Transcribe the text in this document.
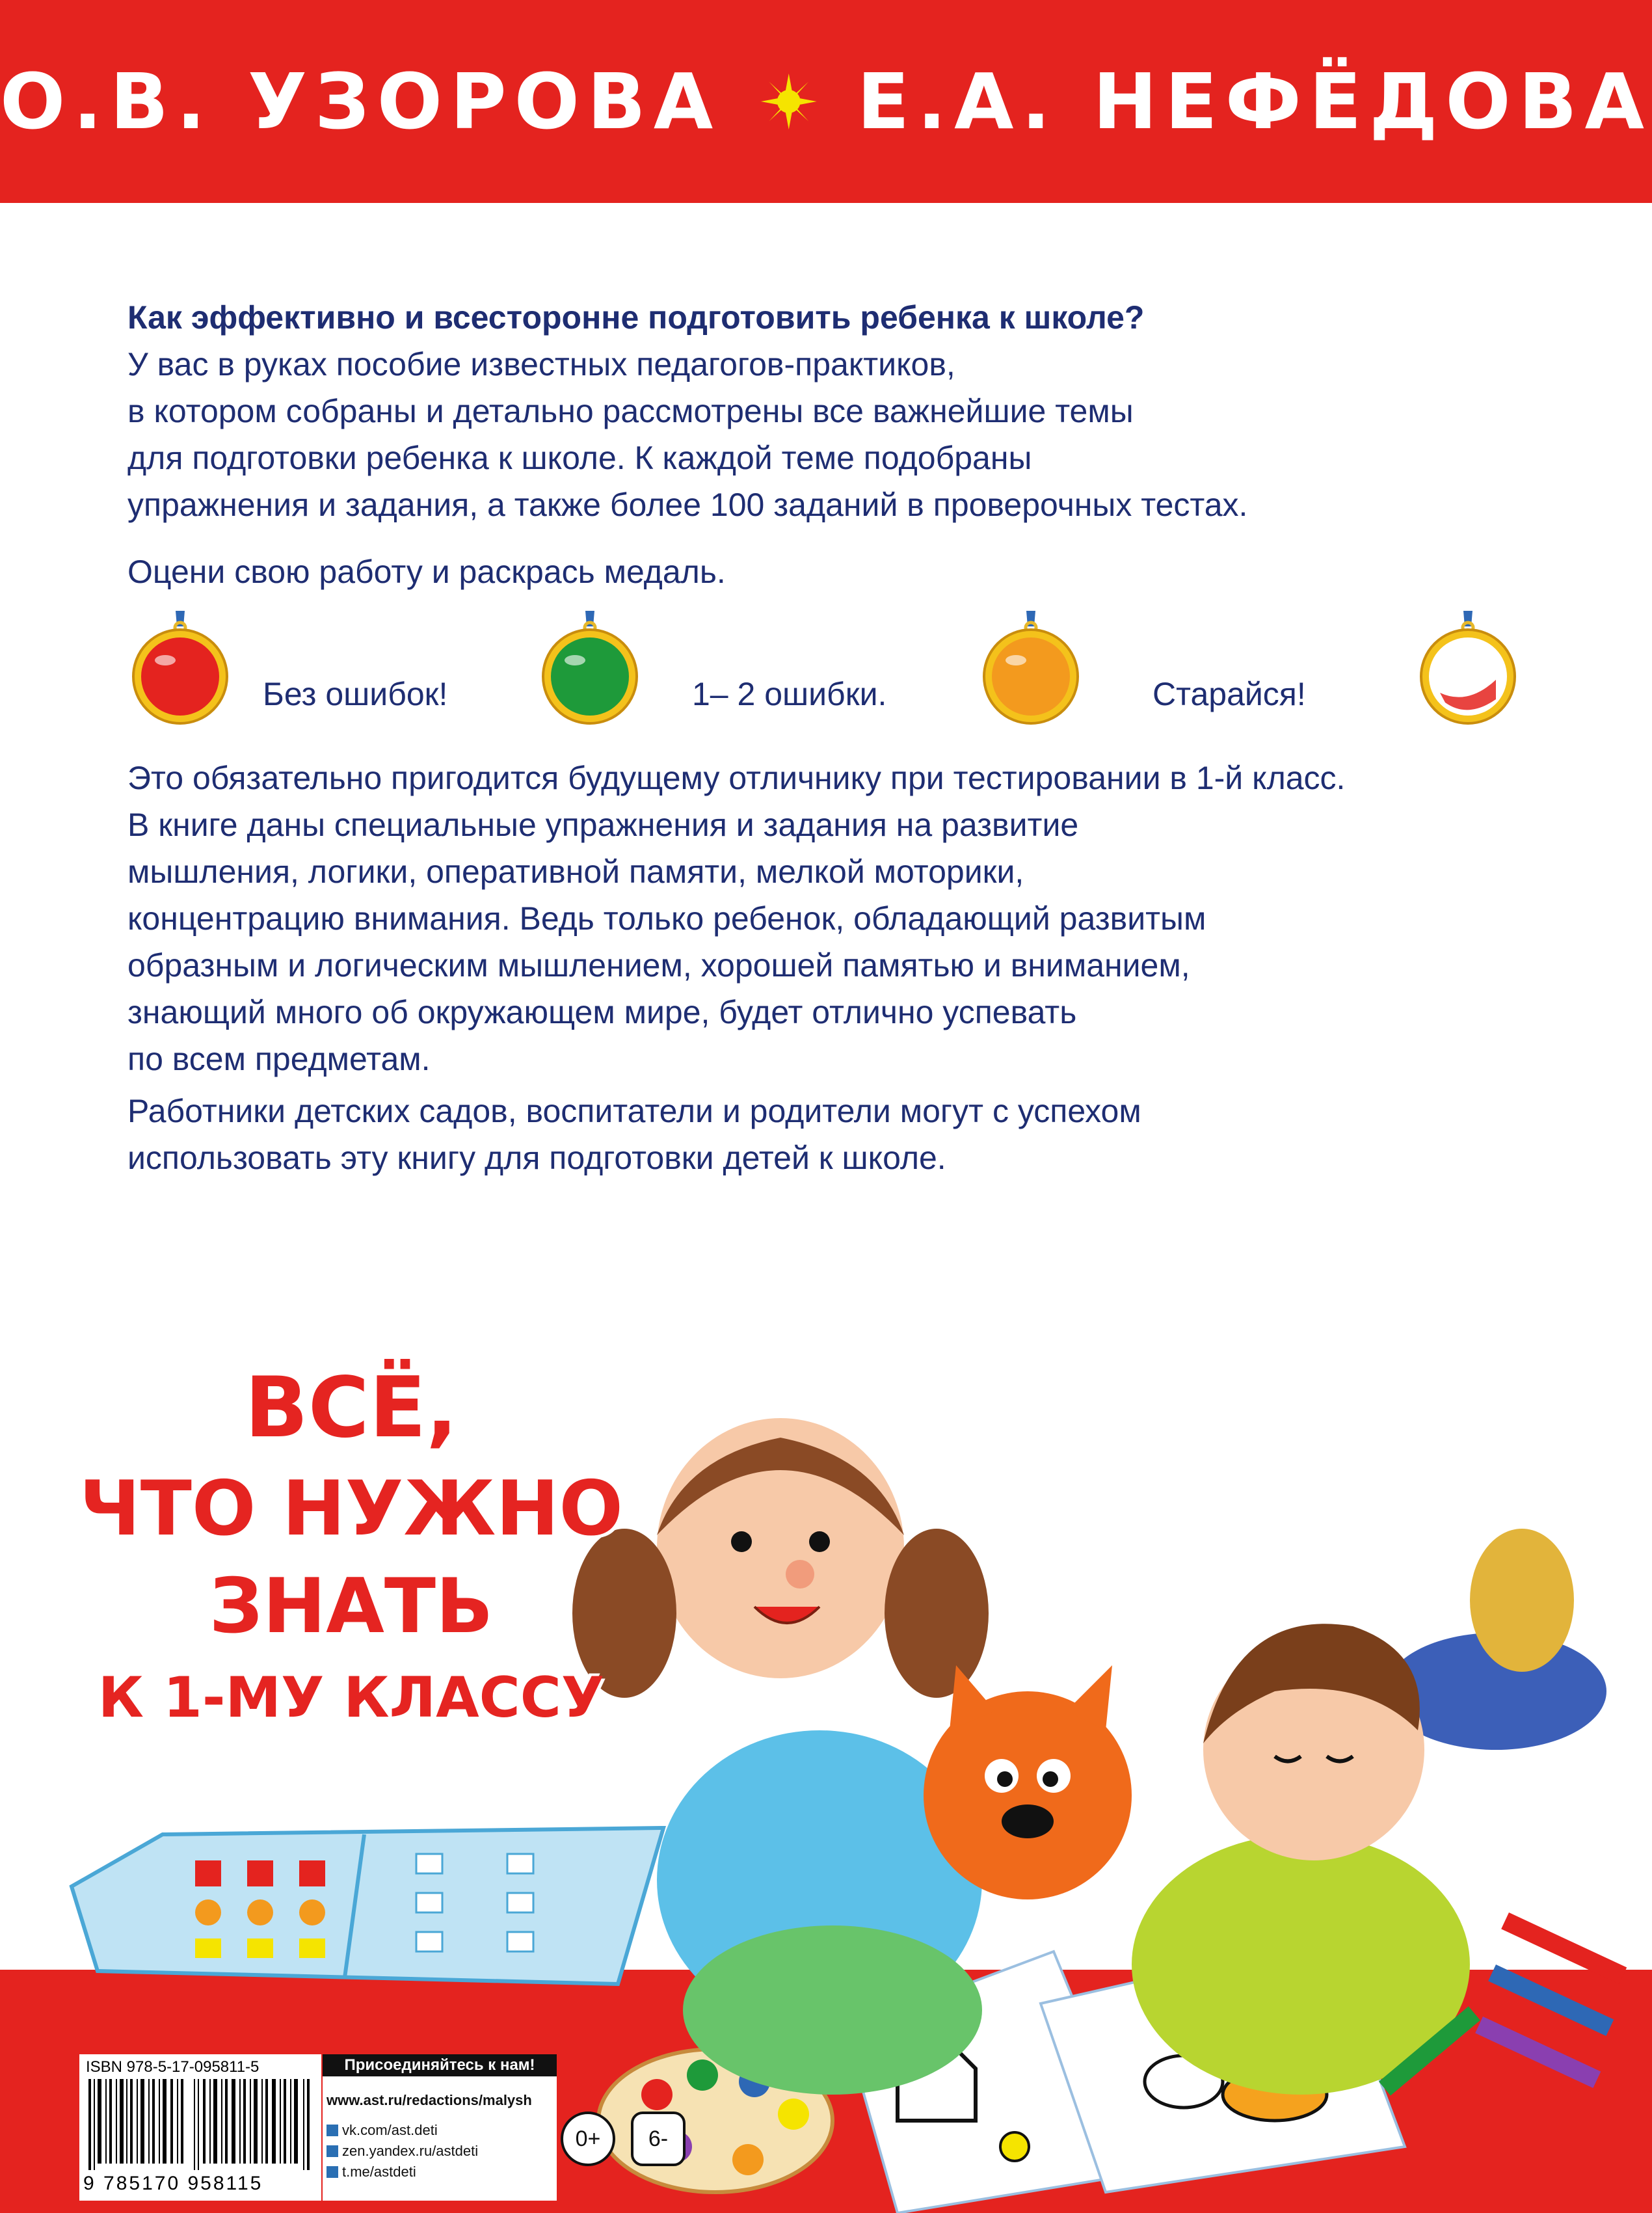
О.В. УЗОРОВА Е.А. НЕФЁДОВА
Как эффективно и всесторонне подготовить ребенка к школе?
У вас в руках пособие известных педагогов-практиков,
в котором собраны и детально рассмотрены все важнейшие темы
для подготовки ребенка к школе. К каждой теме подобраны
упражнения и задания, а также более 100 заданий в проверочных тестах.
Оцени свою работу и раскрась медаль.
Без ошибок!	1– 2 ошибки.	Старайся!
Это обязательно пригодится будущему отличнику при тестировании в 1-й класс.
В книге даны специальные упражнения и задания на развитие
мышления, логики, оперативной памяти, мелкой моторики,
концентрацию внимания. Ведь только ребенок, обладающий развитым
образным и логическим мышлением, хорошей памятью и вниманием,
знающий много об окружающем мире, будет отлично успевать
по всем предметам.
Работники детских садов, воспитатели и родители могут с успехом
использовать эту книгу для подготовки детей к школе.
ВСЁ,
ЧТО НУЖНО
ЗНАТЬ
К 1-МУ КЛАССУ
ISBN 978-5-17-095811-5
9 785170 958115
Присоединяйтесь к нам!
www.ast.ru/redactions/malysh
vk.com/ast.deti
zen.yandex.ru/astdeti
t.me/astdeti
0+	6-
